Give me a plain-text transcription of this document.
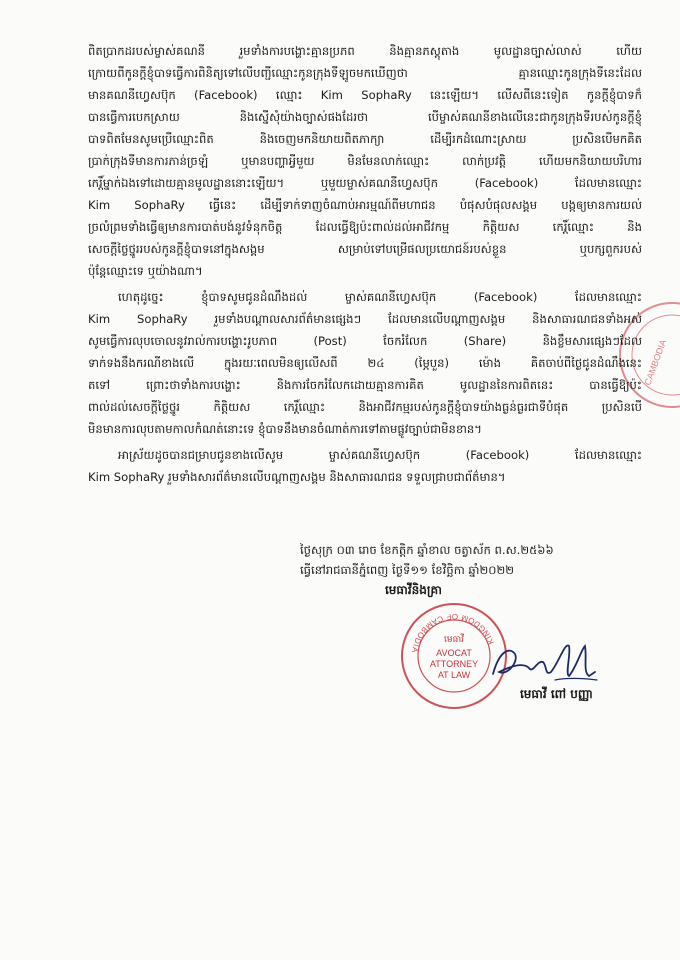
CAMBODIA
ពិតប្រាកដរបស់ម្ចាស់គណនី រួមទាំងការបង្ហោះគ្មានប្រភព និងគ្មានភស្តុតាង មូលដ្ឋានច្បាស់លាស់ ហើយ
ក្រោយពីកូនក្តីខ្ញុំបាទធ្វើការពិនិត្យទៅលើបញ្ជីឈ្មោះកូនក្រុងទីឡូចមកឃើញថា គ្មានឈ្មោះកូនក្រុងទីនេះដែល
មានគណនីហ្វេសប៊ុក (Facebook) ឈ្មោះ Kim SophaRy នេះឡើយ។ លើសពីនេះទៀត កូនក្តីខ្ញុំបាទក៏
បានធ្វើការបេកស្រាយ និងស្នើសុំយ៉ាងច្បាស់ផងដែរថា បើម្ចាស់គណនីខាងលើនេះជាកូនក្រុងទីរបស់កូនក្តីខ្ញុំ
បាទពិតមែនសូមប្រើឈ្មោះពិត និងចេញមកនិយាយពិតភាក្យា ដើម្បីរកដំណោះស្រាយ ប្រសិនបើមកគិត
ប្រាក់ក្រុងទីមានការភាន់ច្រឡំ ឬមានបញ្ហាអ្វីមួយ មិនមែនលាក់ឈ្មោះ លាក់ប្រវត្តិ ហើយមកនិយាយបរិហារ
កេរ្តិ៍ម្នាក់ឯងទៅដោយគ្មានមូលដ្ឋាននោះឡើយ។ ឬមួយម្ចាស់គណនីហ្វេសប៊ុក (Facebook) ដែលមានឈ្មោះ
Kim SophaRy ធ្វើនេះ ដើម្បីទាក់ទាញចំណាប់អារម្មណ៍ពីមហាជន បំផុសបំផុលសង្គម បង្កឲ្យមានការយល់
ច្រលំព្រមទាំងធ្វើឲ្យមានការបាត់បង់នូវទំនុកចិត្ត ដែលធ្វើឱ្យប៉ះពាល់ដល់អាជីវកម្ម កិត្តិយស កេរ្តិ៍ឈ្មោះ និង
សេចក្តីថ្លៃថ្នូររបស់កូនក្តីខ្ញុំបាទនៅក្នុងសង្គម សម្រាប់ទៅបម្រើផលប្រយោជន៍របស់ខ្លួន ឬបក្សពួករបស់
ប៉ុន្តែឈ្មោះទេ ឬយ៉ាងណា។
ហេតុដូច្នេះ ខ្ញុំបាទសូមជូនដំណឹងដល់ ម្ចាស់គណនីហ្វេសប៊ុក (Facebook) ដែលមានឈ្មោះ
Kim SophaRy រួមទាំងបណ្តាលសារព័ត៌មានផ្សេងៗ ដែលមានលើបណ្តាញសង្គម និងសាធារណជនទាំងអស់
សូមធ្វើការលុបចោលនូវរាល់ការបង្ហោះរូបភាព (Post) ចែករំលែក (Share) និងខ្លឹមសារផ្សេងៗដែល
ទាក់ទងនឹងករណីខាងលើ ក្នុងរយៈពេលមិនឲ្យលើសពី ២៤ (ម្ភៃបួន) ម៉ោង គិតចាប់ពីថ្ងៃជូនដំណឹងនេះ
តទៅ ព្រោះថាទាំងការបង្ហោះ និងការចែករំលែកដោយគ្មានការគិត មូលដ្ឋាននៃការពិតនេះ បានធ្វើឱ្យប៉ះ
ពាល់ដល់សេចក្តីថ្លៃថ្នូរ កិត្តិយស កេរ្តិ៍ឈ្មោះ និងអាជីវកម្មរបស់កូនក្តីខ្ញុំបាទយ៉ាងធ្ងន់ធ្ងរជាទីបំផុត ប្រសិនបើ
មិនមានការលុបតាមកាលកំណត់នោះទេ ខ្ញុំបាទនឹងមានចំណាត់ការទៅតាមផ្លូវច្បាប់ជាមិនខាន។
អាស្រ័យដូចបានជម្រាបជូនខាងលើសូម ម្ចាស់គណនីហ្វេសប៊ុក (Facebook) ដែលមានឈ្មោះ
Kim SophaRy រួមទាំងសារព័ត៌មានលើបណ្តាញសង្គម និងសាធារណជន ទទួលជ្រាបជាព័ត៌មាន។
ថ្ងៃសុក្រ ០៣ រោច ខែកត្តិក ឆ្នាំខាល ចត្វាស័ក ព.ស.២៥៦៦
ធ្វើនៅរាជធានីភ្នំពេញ ថ្ងៃទី១១ ខែវិច្ឆិកា ឆ្នាំ២០២២
មេធាវីនិងគ្រា
KINGDOM OF CAMBODIA
មេធាវី
AVOCAT
ATTORNEY
AT LAW
មេធាវី ពៅ បញ្ញា
